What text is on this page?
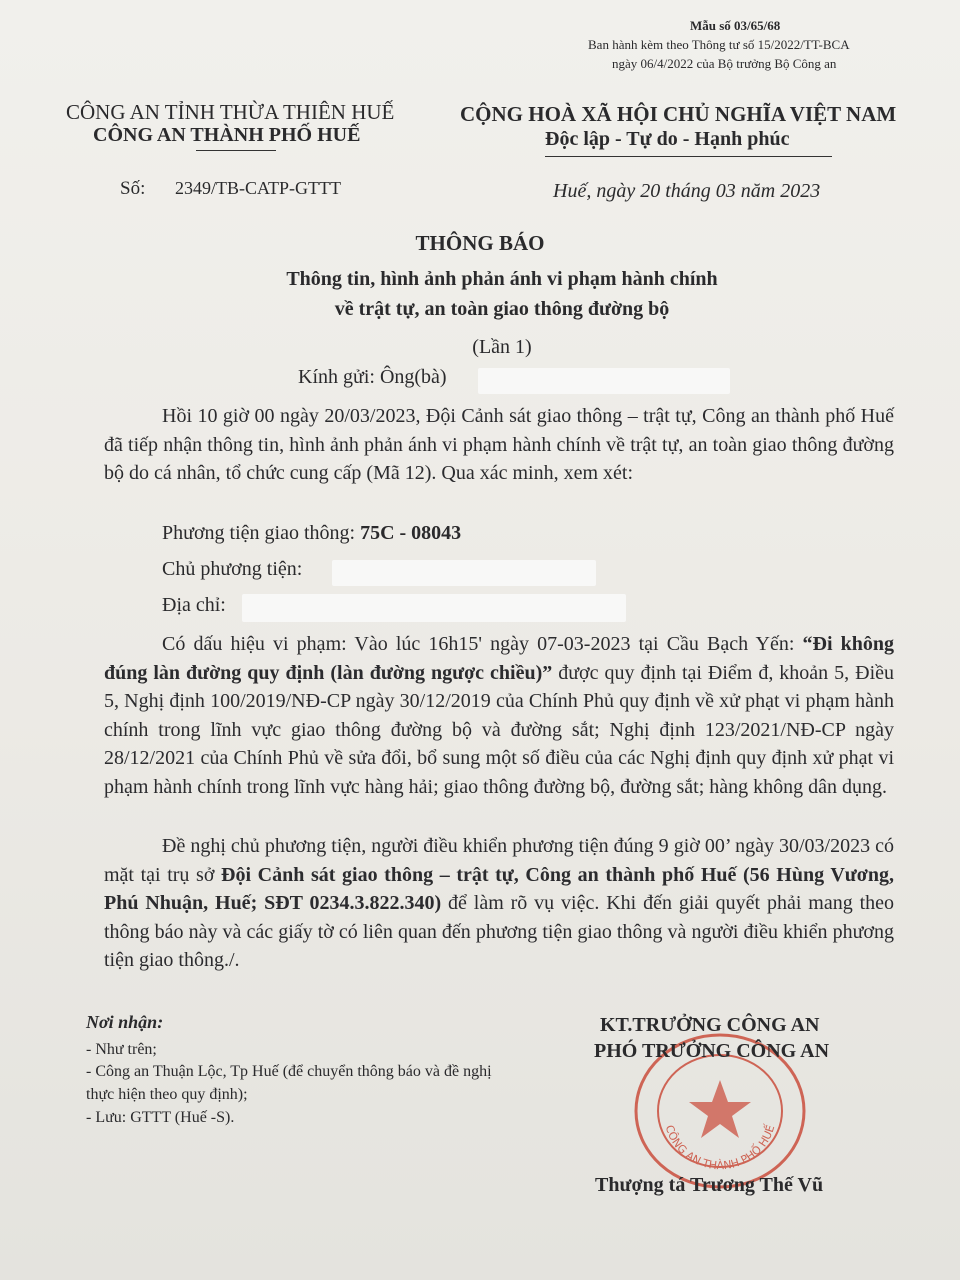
Mẫu số 03/65/68
Ban hành kèm theo Thông tư số 15/2022/TT-BCA
ngày 06/4/2022 của Bộ trưởng Bộ Công an
CÔNG AN TỈNH THỪA THIÊN HUẾ
CÔNG AN THÀNH PHỐ HUẾ
CỘNG HOÀ XÃ HỘI CHỦ NGHĨA VIỆT NAM
Độc lập - Tự do - Hạnh phúc
Số: 2349/TB-CATP-GTTT	Huế, ngày 20 tháng 03 năm 2023
THÔNG BÁO
Thông tin, hình ảnh phản ánh vi phạm hành chính
về trật tự, an toàn giao thông đường bộ
(Lần 1)
Kính gửi: Ông(bà)
Hồi 10 giờ 00 ngày 20/03/2023, Đội Cảnh sát giao thông – trật tự, Công an thành phố Huế đã tiếp nhận thông tin, hình ảnh phản ánh vi phạm hành chính về trật tự, an toàn giao thông đường bộ do cá nhân, tổ chức cung cấp (Mã 12). Qua xác minh, xem xét:
Phương tiện giao thông: 75C - 08043
Chủ phương tiện:
Địa chỉ:
Có dấu hiệu vi phạm: Vào lúc 16h15' ngày 07-03-2023 tại Cầu Bạch Yến: “Đi không đúng làn đường quy định (làn đường ngược chiều)” được quy định tại Điểm đ, khoản 5, Điều 5, Nghị định 100/2019/NĐ-CP ngày 30/12/2019 của Chính Phủ quy định về xử phạt vi phạm hành chính trong lĩnh vực giao thông đường bộ và đường sắt; Nghị định 123/2021/NĐ-CP ngày 28/12/2021 của Chính Phủ về sửa đổi, bổ sung một số điều của các Nghị định quy định xử phạt vi phạm hành chính trong lĩnh vực hàng hải; giao thông đường bộ, đường sắt; hàng không dân dụng.
Đề nghị chủ phương tiện, người điều khiển phương tiện đúng 9 giờ 00’ ngày 30/03/2023 có mặt tại trụ sở Đội Cảnh sát giao thông – trật tự, Công an thành phố Huế (56 Hùng Vương, Phú Nhuận, Huế; SĐT 0234.3.822.340) để làm rõ vụ việc. Khi đến giải quyết phải mang theo thông báo này và các giấy tờ có liên quan đến phương tiện giao thông và người điều khiển phương tiện giao thông./.
Nơi nhận:
- Như trên;
- Công an Thuận Lộc, Tp Huế (để chuyển thông báo và đề nghị thực hiện theo quy định);
- Lưu: GTTT (Huế -S).
CÔNG AN THÀNH PHỐ HUẾ
KT.TRƯỞNG CÔNG AN
PHÓ TRƯỞNG CÔNG AN
Thượng tá Trương Thế Vũ
